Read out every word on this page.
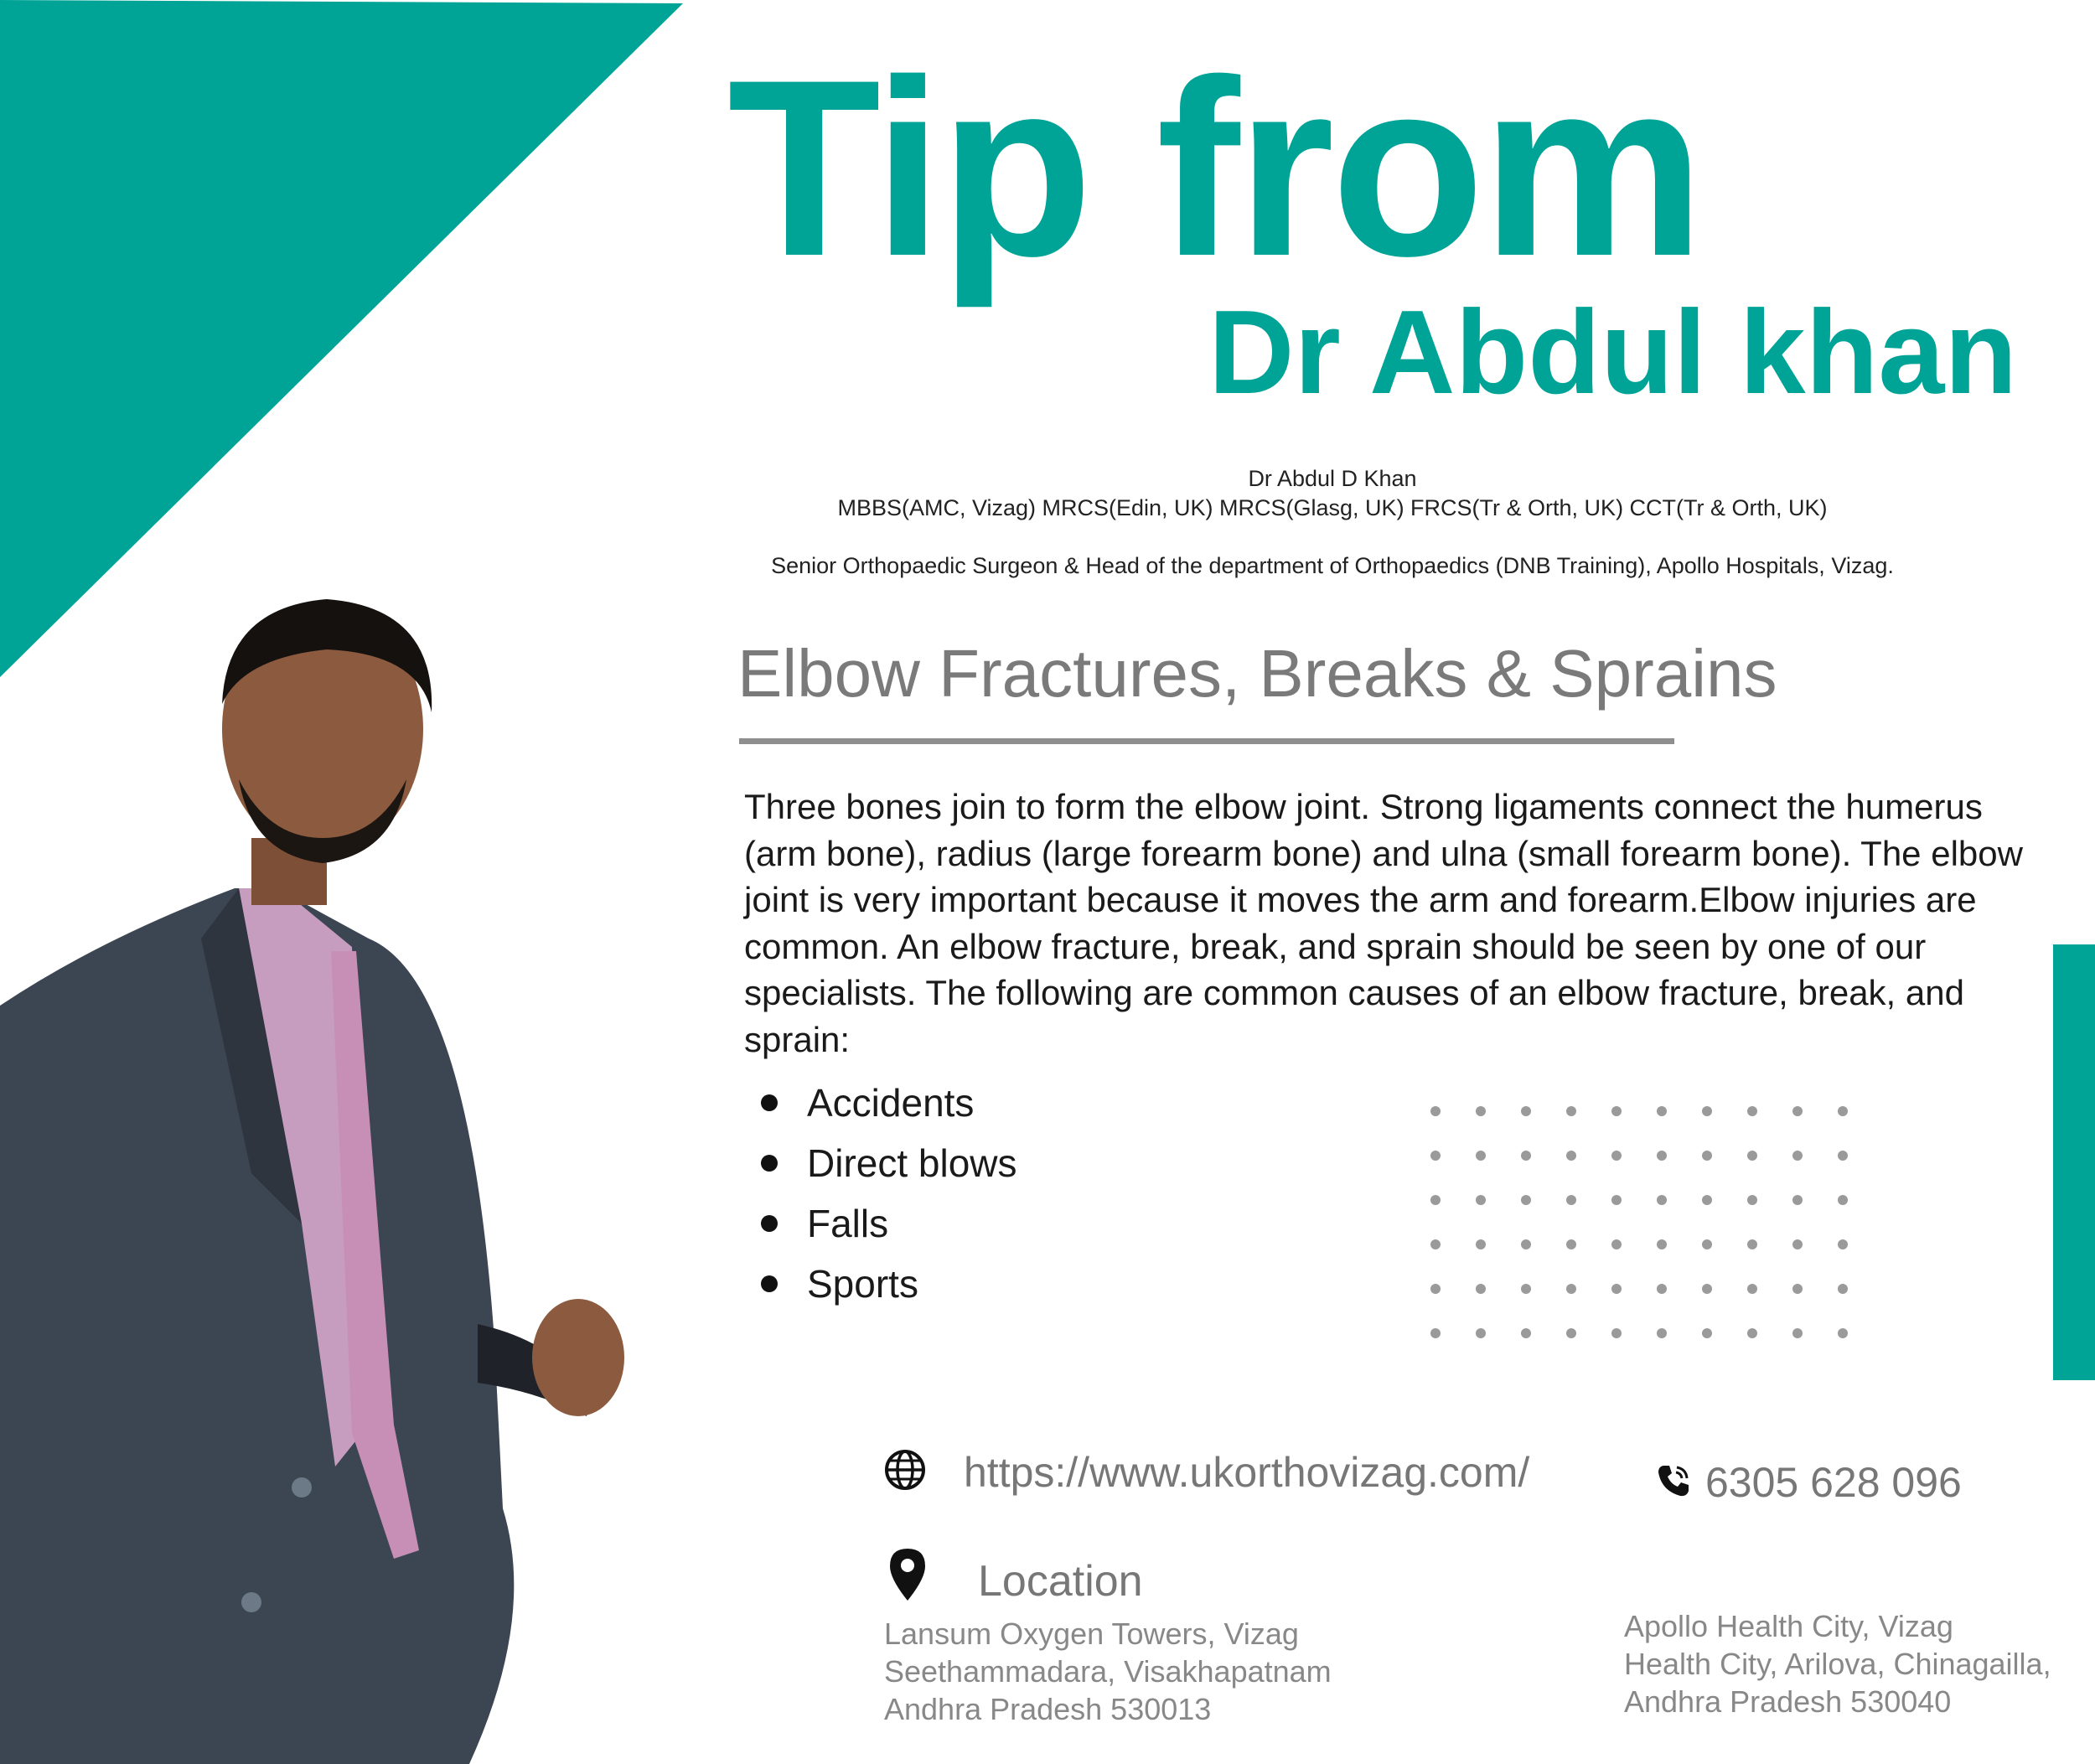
Tip from
Dr Abdul khan
Dr Abdul D Khan
MBBS(AMC, Vizag) MRCS(Edin, UK) MRCS(Glasg, UK) FRCS(Tr & Orth, UK) CCT(Tr & Orth, UK)
Senior Orthopaedic Surgeon & Head of the department of Orthopaedics (DNB Training), Apollo Hospitals, Vizag.
Elbow Fractures, Breaks & Sprains
Three bones join to form the elbow joint. Strong ligaments connect the humerus (arm bone), radius (large forearm bone) and ulna (small forearm bone). The elbow joint is very important because it moves the arm and forearm.Elbow injuries are common. An elbow fracture, break, and sprain should be seen by one of our specialists. The following are common causes of an elbow fracture, break, and sprain:
Accidents
Direct blows
Falls
Sports
https://www.ukorthovizag.com/	6305 628 096
Location
Lansum Oxygen Towers, Vizag
Seethammadara, Visakhapatnam
Andhra Pradesh 530013
Apollo Health City, Vizag
Health City, Arilova, Chinagailla,
Andhra Pradesh 530040
